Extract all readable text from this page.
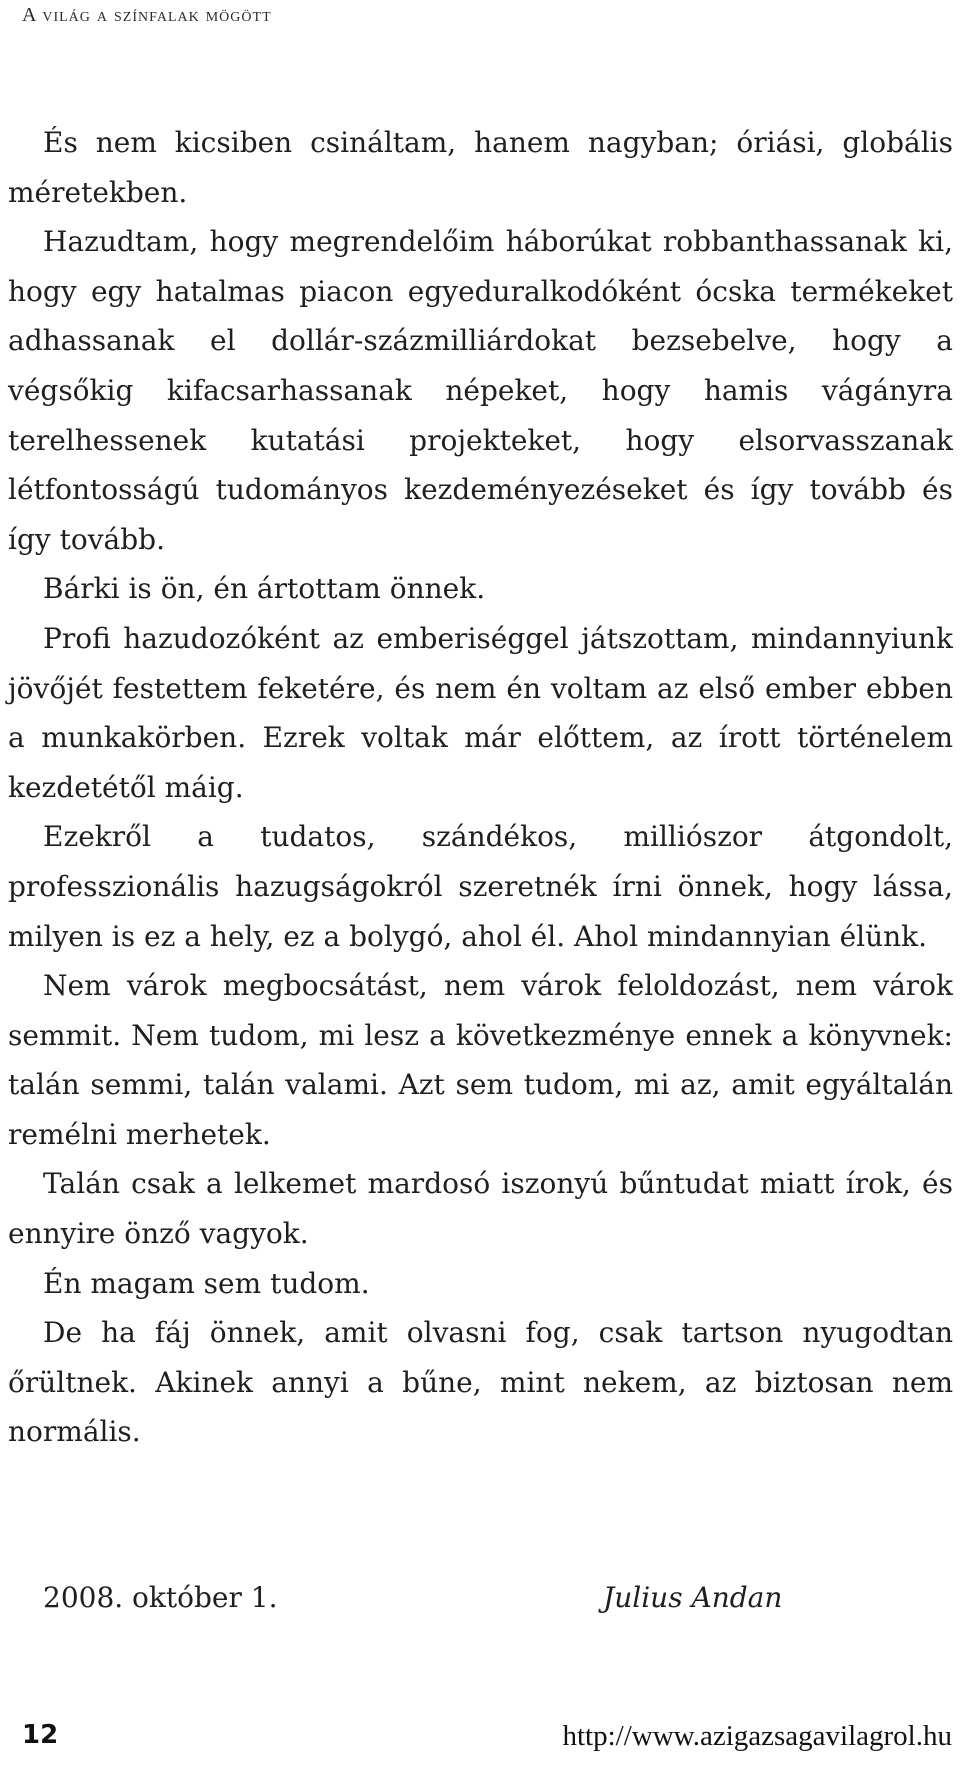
A világ a színfalak mögött

És nem kicsiben csináltam, hanem nagyban; óriási, globális méretekben.

Hazudtam, hogy megrendelőim háborúkat robbanthassanak ki, hogy egy hatalmas piacon egyeduralkodóként ócska termékeket adhassanak el dollár-százmilliárdokat bezsebelve, hogy a végsőkig kifacsarhassanak népeket, hogy hamis vágányra terelhessenek kutatási projekteket, hogy elsorvasszanak létfontosságú tudományos kezdeményezéseket és így tovább és így tovább.

Bárki is ön, én ártottam önnek.

Profi hazudozóként az emberiséggel játszottam, mindannyiunk jövőjét festettem feketére, és nem én voltam az első ember ebben a munkakörben. Ezrek voltak már előttem, az írott történelem kezdetétől máig.

Ezekről a tudatos, szándékos, milliószor átgondolt, professzionális hazugságokról szeretnék írni önnek, hogy lássa, milyen is ez a hely, ez a bolygó, ahol él. Ahol mindannyian élünk.

Nem várok megbocsátást, nem várok feloldozást, nem várok semmit. Nem tudom, mi lesz a következménye ennek a könyvnek: talán semmi, talán valami. Azt sem tudom, mi az, amit egyáltalán remélni merhetek.

Talán csak a lelkemet mardosó iszonyú bűntudat miatt írok, és ennyire önző vagyok.

Én magam sem tudom.

De ha fáj önnek, amit olvasni fog, csak tartson nyugodtan őrültnek. Akinek annyi a bűne, mint nekem, az biztosan nem normális.

2008. október 1.	Julius Andan
12	http://www.azigazsagavilagrol.hu
